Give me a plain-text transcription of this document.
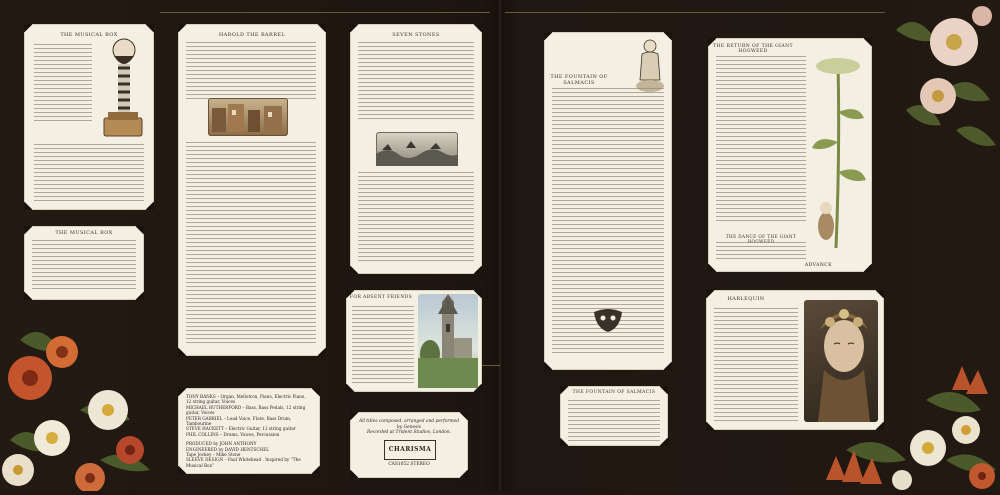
THE MUSICAL BOX
THE MUSICAL BOX
HAROLD THE BARREL
TONY BANKS – Organ, Mellotron, Piano, Electric Piano, 12 string guitar, Voices
MICHAEL RUTHERFORD – Bass, Bass Pedals, 12 string guitar, Voices
PETER GABRIEL – Lead Voice, Flute, Bass Drum, Tambourine
STEVE HACKETT – Electric Guitar, 12 string guitar
PHIL COLLINS – Drums, Voices, Percussion
PRODUCED by JOHN ANTHONY
ENGINEERED by DAVID HENTSCHEL
Tape Jockey – Mike Stone
SLEEVE DESIGN – Paul Whitehead . Inspired by “The Musical Box”
SEVEN STONES
FOR ABSENT FRIENDS
All titles composed, arranged and performed
by Genesis
Recorded at Trident Studios, London.
CHARISMA
CAS1052 STEREO
THE FOUNTAIN OF SALMACIS
THE FOUNTAIN OF SALMACIS
THE RETURN OF THE GIANT HOGWEED
THE DANCE OF THE GIANT
ADVANCE
HARLEQUIN
